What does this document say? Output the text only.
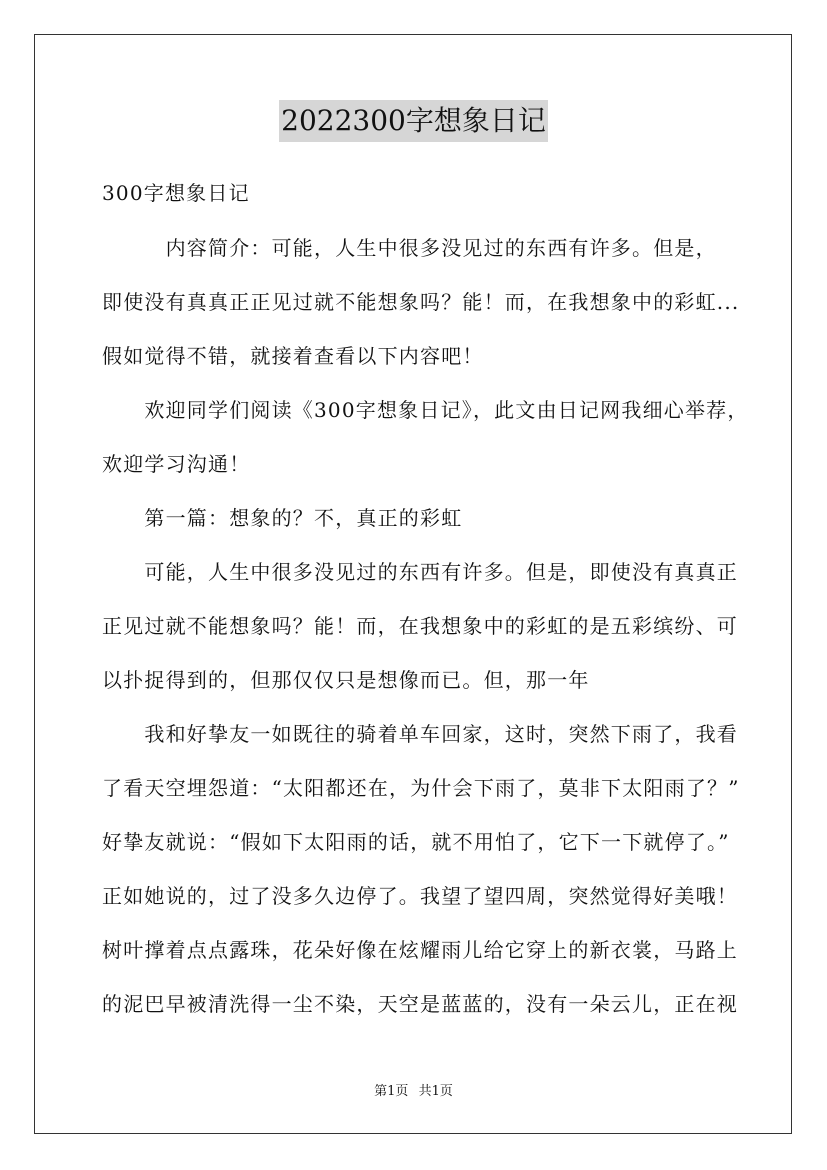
2022300字想象日记
300字想象日记
　　　内容简介：可能，人生中很多没见过的东西有许多。但是，
即使没有真真正正见过就不能想象吗？能！而，在我想象中的彩虹...
假如觉得不错，就接着查看以下内容吧！
　　欢迎同学们阅读《300字想象日记》，此文由日记网我细心举荐，
欢迎学习沟通！
　　第一篇：想象的？不，真正的彩虹
　　可能，人生中很多没见过的东西有许多。但是，即使没有真真正
正见过就不能想象吗？能！而，在我想象中的彩虹的是五彩缤纷、可
以扑捉得到的，但那仅仅只是想像而已。但，那一年
　　我和好挚友一如既往的骑着单车回家，这时，突然下雨了，我看
了看天空埋怨道：“太阳都还在，为什会下雨了，莫非下太阳雨了？”
好挚友就说：“假如下太阳雨的话，就不用怕了，它下一下就停了。”
正如她说的，过了没多久边停了。我望了望四周，突然觉得好美哦！
树叶撑着点点露珠，花朵好像在炫耀雨儿给它穿上的新衣裳，马路上
的泥巴早被清洗得一尘不染，天空是蓝蓝的，没有一朵云儿，正在视
第1页 共1页
